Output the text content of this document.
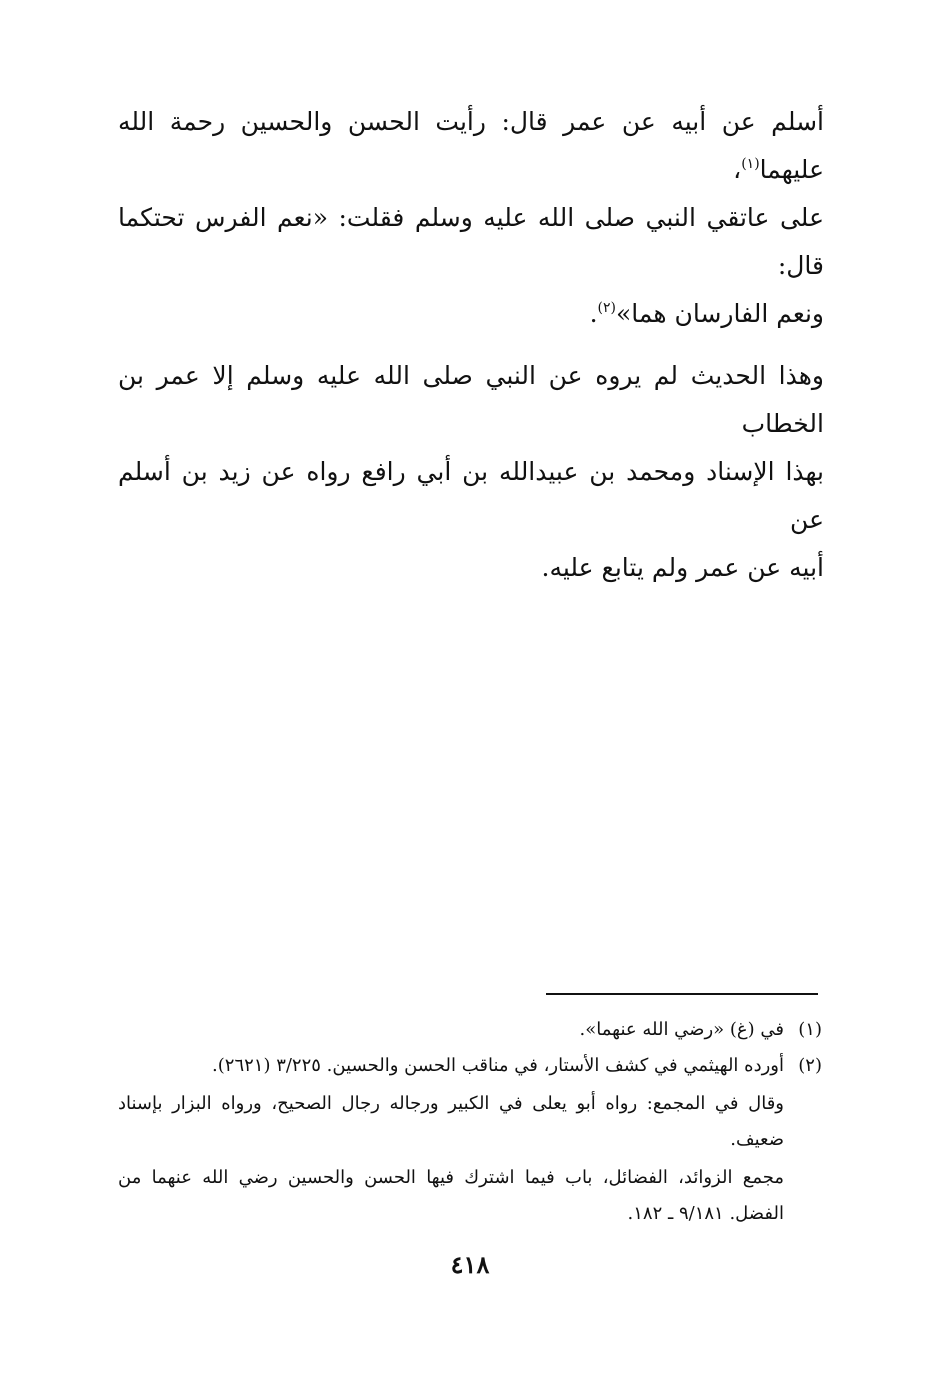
أسلم عن أبيه عن عمر قال: رأيت الحسن والحسين رحمة الله عليهما$^{(١)}$،
على عاتقي النبي صلى الله عليه وسلم فقلت: «نعم الفرس تحتكما قال:
ونعم الفارسان هما»$^{(٢)}$.

وهذا الحديث لم يروه عن النبي صلى الله عليه وسلم إلا عمر بن الخطاب
بهذا الإسناد ومحمد بن عبيدالله بن أبي رافع رواه عن زيد بن أسلم عن
أبيه عن عمر ولم يتابع عليه.

(١)
في (غ) «رضي الله عنهما».
(٢)
أورده الهيثمي في كشف الأستار، في مناقب الحسن والحسين. ٣/٢٢٥ (٢٦٢١).
وقال في المجمع: رواه أبو يعلى في الكبير ورجاله رجال الصحيح، ورواه البزار بإسناد ضعيف.
مجمع الزوائد، الفضائل، باب فيما اشترك فيها الحسن والحسين رضي الله عنهما من الفضل. ٩/١٨١ ـ ١٨٢.
٤١٨
